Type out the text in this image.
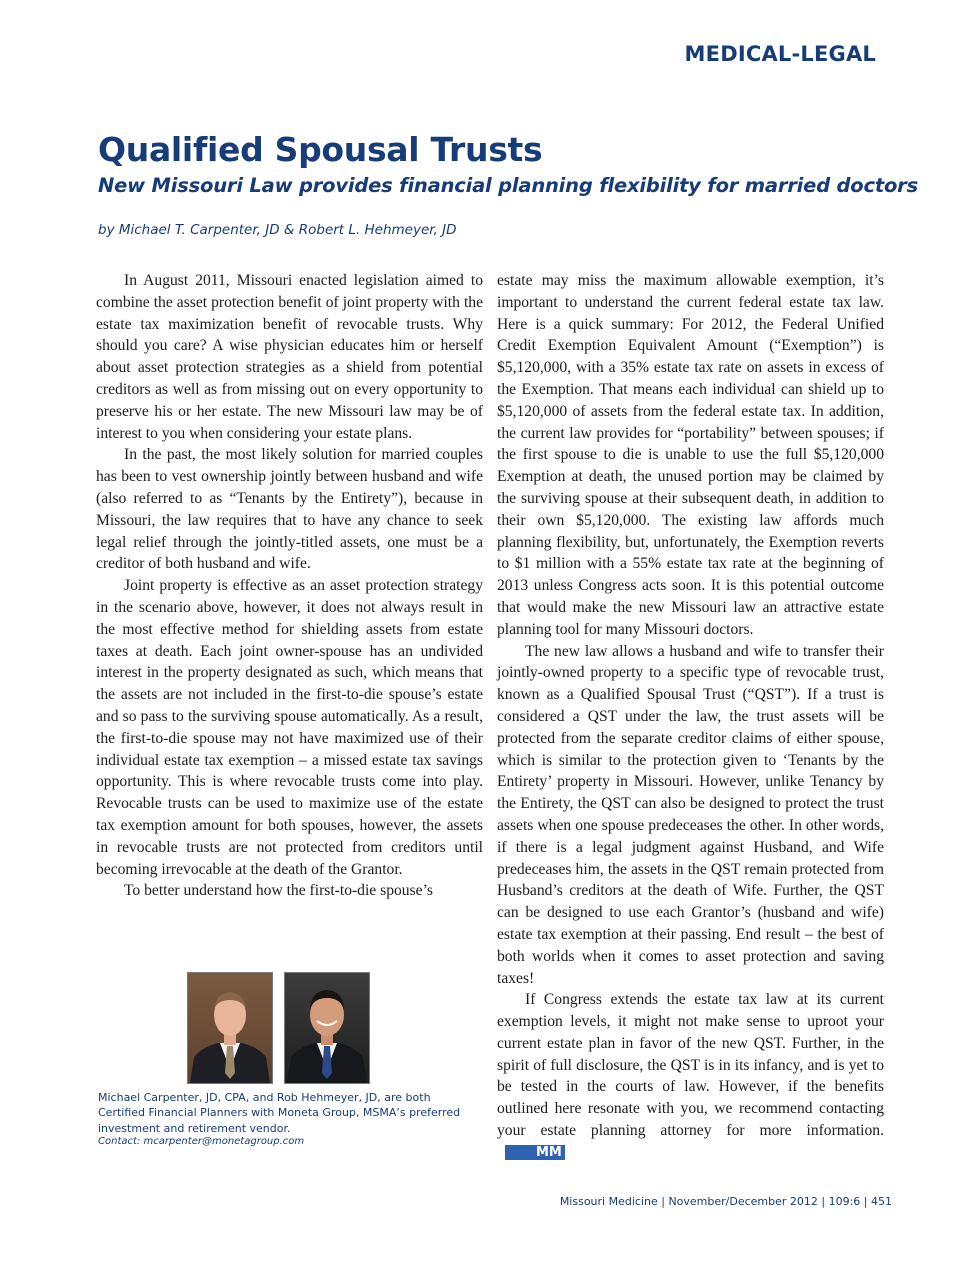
MEDICAL-LEGAL
Qualified Spousal Trusts
New Missouri Law provides financial planning flexibility for married doctors
by Michael T. Carpenter, JD & Robert L. Hehmeyer, JD

In August 2011, Missouri enacted legislation aimed to combine the asset protection benefit of joint property with the estate tax maximization benefit of revocable trusts. Why should you care? A wise physician educates him or herself about asset protection strategies as a shield from potential creditors as well as from missing out on every opportunity to preserve his or her estate. The new Missouri law may be of interest to you when considering your estate plans.

In the past, the most likely solution for married couples has been to vest ownership jointly between husband and wife (also referred to as “Tenants by the Entirety”), because in Missouri, the law requires that to have any chance to seek legal relief through the jointly-titled assets, one must be a creditor of both husband and wife.

Joint property is effective as an asset protection strategy in the scenario above, however, it does not always result in the most effective method for shielding assets from estate taxes at death. Each joint owner-spouse has an undivided interest in the property designated as such, which means that the assets are not included in the first-to-die spouse’s estate and so pass to the surviving spouse automatically. As a result, the first-to-die spouse may not have maximized use of their individual estate tax exemption – a missed estate tax savings opportunity. This is where revocable trusts come into play. Revocable trusts can be used to maximize use of the estate tax exemption amount for both spouses, however, the assets in revocable trusts are not protected from creditors until becoming irrevocable at the death of the Grantor.

To better understand how the first-to-die spouse’s

estate may miss the maximum allowable exemption, it’s important to understand the current federal estate tax law. Here is a quick summary: For 2012, the Federal Unified Credit Exemption Equivalent Amount (“Exemption”) is $5,120,000, with a 35% estate tax rate on assets in excess of the Exemption. That means each individual can shield up to $5,120,000 of assets from the federal estate tax. In addition, the current law provides for “portability” between spouses; if the first spouse to die is unable to use the full $5,120,000 Exemption at death, the unused portion may be claimed by the surviving spouse at their subsequent death, in addition to their own $5,120,000. The existing law affords much planning flexibility, but, unfortunately, the Exemption reverts to $1 million with a 55% estate tax rate at the beginning of 2013 unless Congress acts soon. It is this potential outcome that would make the new Missouri law an attractive estate planning tool for many Missouri doctors.

The new law allows a husband and wife to transfer their jointly-owned property to a specific type of revocable trust, known as a Qualified Spousal Trust (“QST”). If a trust is considered a QST under the law, the trust assets will be protected from the separate creditor claims of either spouse, which is similar to the protection given to ‘Tenants by the Entirety’ property in Missouri. However, unlike Tenancy by the Entirety, the QST can also be designed to protect the trust assets when one spouse predeceases the other. In other words, if there is a legal judgment against Husband, and Wife predeceases him, the assets in the QST remain protected from Husband’s creditors at the death of Wife. Further, the QST can be designed to use each Grantor’s (husband and wife) estate tax exemption at their passing. End result – the best of both worlds when it comes to asset protection and saving taxes!

If Congress extends the estate tax law at its current exemption levels, it might not make sense to uproot your current estate plan in favor of the new QST. Further, in the spirit of full disclosure, the QST is in its infancy, and is yet to be tested in the courts of law. However, if the benefits outlined here resonate with you, we recommend contacting your estate planning attorney for more information.MM

Michael Carpenter, JD, CPA, and Rob Hehmeyer, JD, are both Certified Financial Planners with Moneta Group, MSMA’s preferred investment and retirement vendor.

Contact: mcarpenter@monetagroup.com
Missouri Medicine | November/December 2012 | 109:6 | 451
